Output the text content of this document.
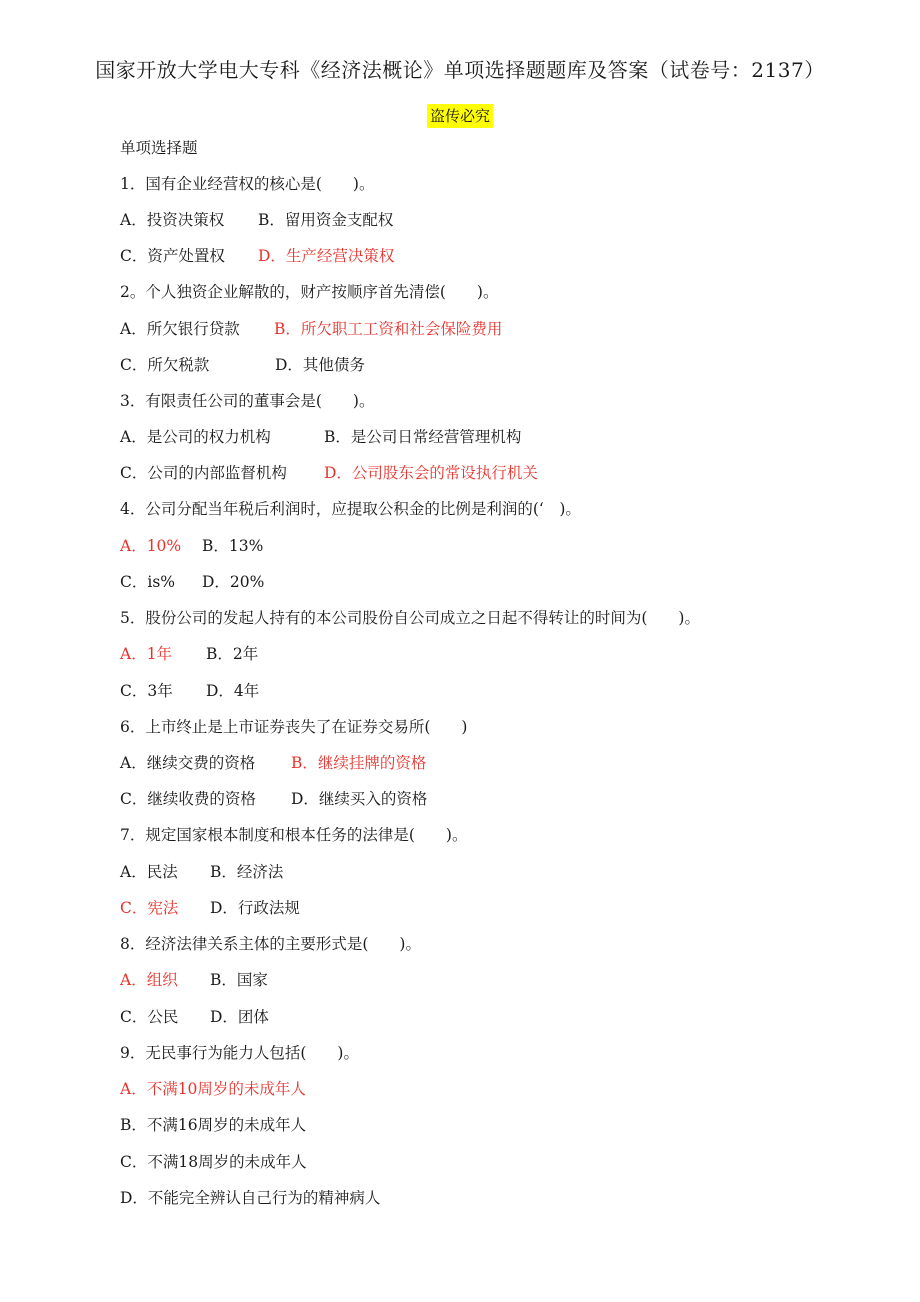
国家开放大学电大专科《经济法概论》单项选择题题库及答案（试卷号：2137）
盗传必究
单项选择题
1．国有企业经营权的核心是(　　)。
A．投资决策权 B．留用资金支配权
C．资产处置权 D．生产经营决策权
2。个人独资企业解散的，财产按顺序首先清偿(　　)。
A．所欠银行贷款 B．所欠职工工资和社会保险费用
C．所欠税款	D．其他债务
3．有限责任公司的董事会是(　　)。
A．是公司的权力机构	B．是公司日常经营管理机构
C．公司的内部监督机构 D．公司股东会的常设执行机关
4．公司分配当年税后利润时，应提取公积金的比例是利润的(‘　)。
A．10% B．13%
C．is% D．20%
5．股份公司的发起人持有的本公司股份自公司成立之日起不得转让的时间为(　　)。
A．1年 B．2年
C．3年 D．4年
6．上市终止是上市证券丧失了在证券交易所(　　)
A．继续交费的资格 B．继续挂牌的资格
C．继续收费的资格 D．继续买入的资格
7．规定国家根本制度和根本任务的法律是(　　)。
A．民法 B．经济法
C．宪法 D．行政法规
8．经济法律关系主体的主要形式是(　　)。
A．组织 B．国家
C．公民 D．团体
9．无民事行为能力人包括(　　)。
A．不满10周岁的未成年人
B．不满16周岁的未成年人
C．不满18周岁的未成年人
D．不能完全辨认自己行为的精神病人
